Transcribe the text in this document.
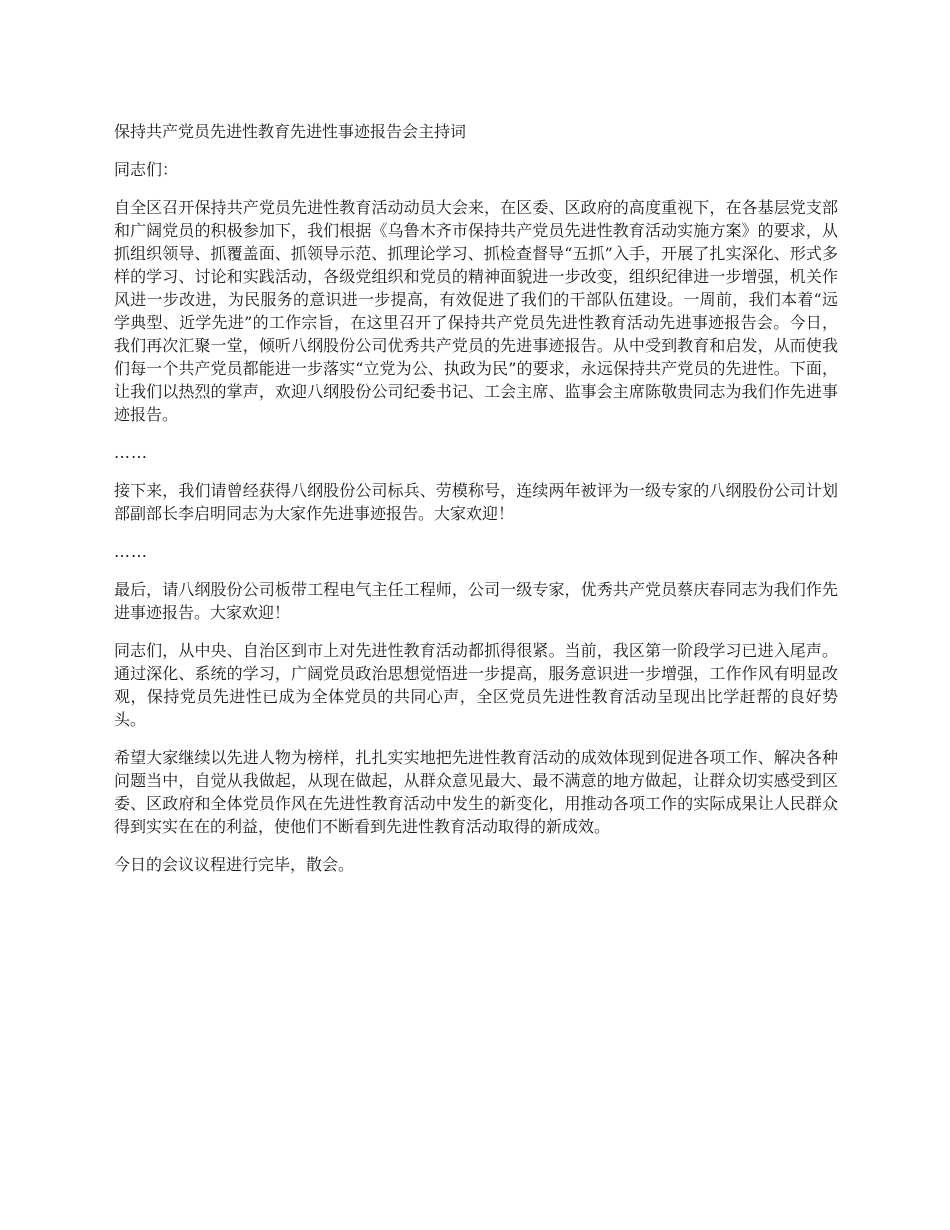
保持共产党员先进性教育先进性事迹报告会主持词
同志们：
自全区召开保持共产党员先进性教育活动动员大会来，在区委、区政府的高度重视下，在各基层党支部和广阔党员的积极参加下，我们根据《乌鲁木齐市保持共产党员先进性教育活动实施方案》的要求，从抓组织领导、抓覆盖面、抓领导示范、抓理论学习、抓检查督导“五抓”入手，开展了扎实深化、形式多样的学习、讨论和实践活动，各级党组织和党员的精神面貌进一步改变，组织纪律进一步增强，机关作风进一步改进，为民服务的意识进一步提高，有效促进了我们的干部队伍建设。一周前，我们本着“远学典型、近学先进”的工作宗旨，在这里召开了保持共产党员先进性教育活动先进事迹报告会。今日，我们再次汇聚一堂，倾听八纲股份公司优秀共产党员的先进事迹报告。从中受到教育和启发，从而使我们每一个共产党员都能进一步落实“立党为公、执政为民”的要求，永远保持共产党员的先进性。下面，让我们以热烈的掌声，欢迎八纲股份公司纪委书记、工会主席、监事会主席陈敬贵同志为我们作先进事迹报告。
……
接下来，我们请曾经获得八纲股份公司标兵、劳模称号，连续两年被评为一级专家的八纲股份公司计划部副部长李启明同志为大家作先进事迹报告。大家欢迎！
……
最后，请八纲股份公司板带工程电气主任工程师，公司一级专家，优秀共产党员蔡庆春同志为我们作先进事迹报告。大家欢迎！
同志们，从中央、自治区到市上对先进性教育活动都抓得很紧。当前，我区第一阶段学习已进入尾声。通过深化、系统的学习，广阔党员政治思想觉悟进一步提高，服务意识进一步增强，工作作风有明显改观，保持党员先进性已成为全体党员的共同心声，全区党员先进性教育活动呈现出比学赶帮的良好势头。
希望大家继续以先进人物为榜样，扎扎实实地把先进性教育活动的成效体现到促进各项工作、解决各种问题当中，自觉从我做起，从现在做起，从群众意见最大、最不满意的地方做起，让群众切实感受到区委、区政府和全体党员作风在先进性教育活动中发生的新变化，用推动各项工作的实际成果让人民群众得到实实在在的利益，使他们不断看到先进性教育活动取得的新成效。
今日的会议议程进行完毕，散会。
